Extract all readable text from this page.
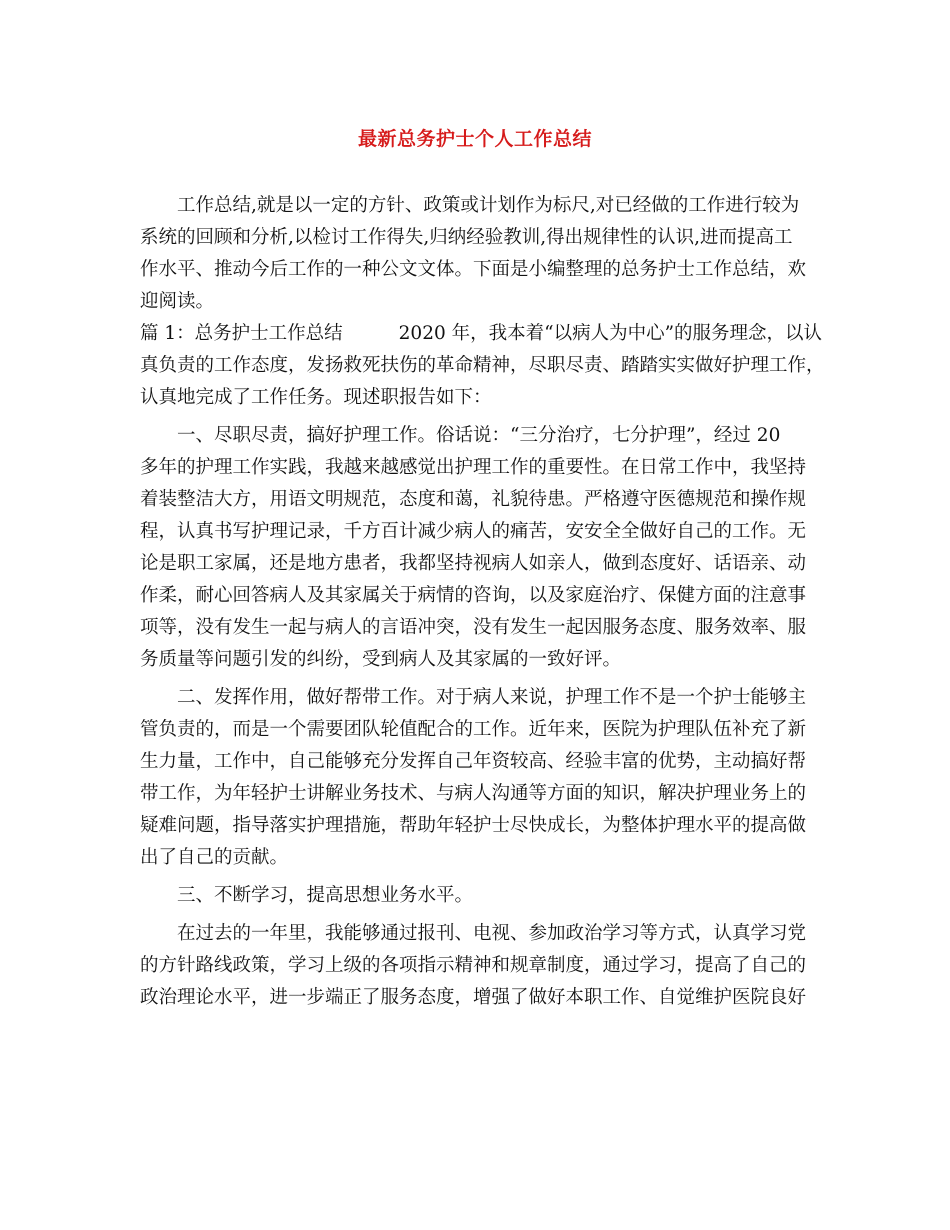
最新总务护士个人工作总结
工作总结,就是以一定的方针、政策或计划作为标尺,对已经做的工作进行较为
系统的回顾和分析,以检讨工作得失,归纳经验教训,得出规律性的认识,进而提高工
作水平、推动今后工作的一种公文文体。下面是小编整理的总务护士工作总结，欢
迎阅读。
篇 1：总务护士工作总结	2020 年，我本着“以病人为中心”的服务理念，以认
真负责的工作态度，发扬救死扶伤的革命精神，尽职尽责、踏踏实实做好护理工作，
认真地完成了工作任务。现述职报告如下：
一、尽职尽责，搞好护理工作。俗话说：“三分治疗，七分护理”，经过 20
多年的护理工作实践，我越来越感觉出护理工作的重要性。在日常工作中，我坚持
着装整洁大方，用语文明规范，态度和蔼，礼貌待患。严格遵守医德规范和操作规
程，认真书写护理记录，千方百计减少病人的痛苦，安安全全做好自己的工作。无
论是职工家属，还是地方患者，我都坚持视病人如亲人，做到态度好、话语亲、动
作柔，耐心回答病人及其家属关于病情的咨询，以及家庭治疗、保健方面的注意事
项等，没有发生一起与病人的言语冲突，没有发生一起因服务态度、服务效率、服
务质量等问题引发的纠纷，受到病人及其家属的一致好评。
二、发挥作用，做好帮带工作。对于病人来说，护理工作不是一个护士能够主
管负责的，而是一个需要团队轮值配合的工作。近年来，医院为护理队伍补充了新
生力量，工作中，自己能够充分发挥自己年资较高、经验丰富的优势，主动搞好帮
带工作，为年轻护士讲解业务技术、与病人沟通等方面的知识，解决护理业务上的
疑难问题，指导落实护理措施，帮助年轻护士尽快成长，为整体护理水平的提高做
出了自己的贡献。
三、不断学习，提高思想业务水平。
在过去的一年里，我能够通过报刊、电视、参加政治学习等方式，认真学习党
的方针路线政策，学习上级的各项指示精神和规章制度，通过学习，提高了自己的
政治理论水平，进一步端正了服务态度，增强了做好本职工作、自觉维护医院良好
